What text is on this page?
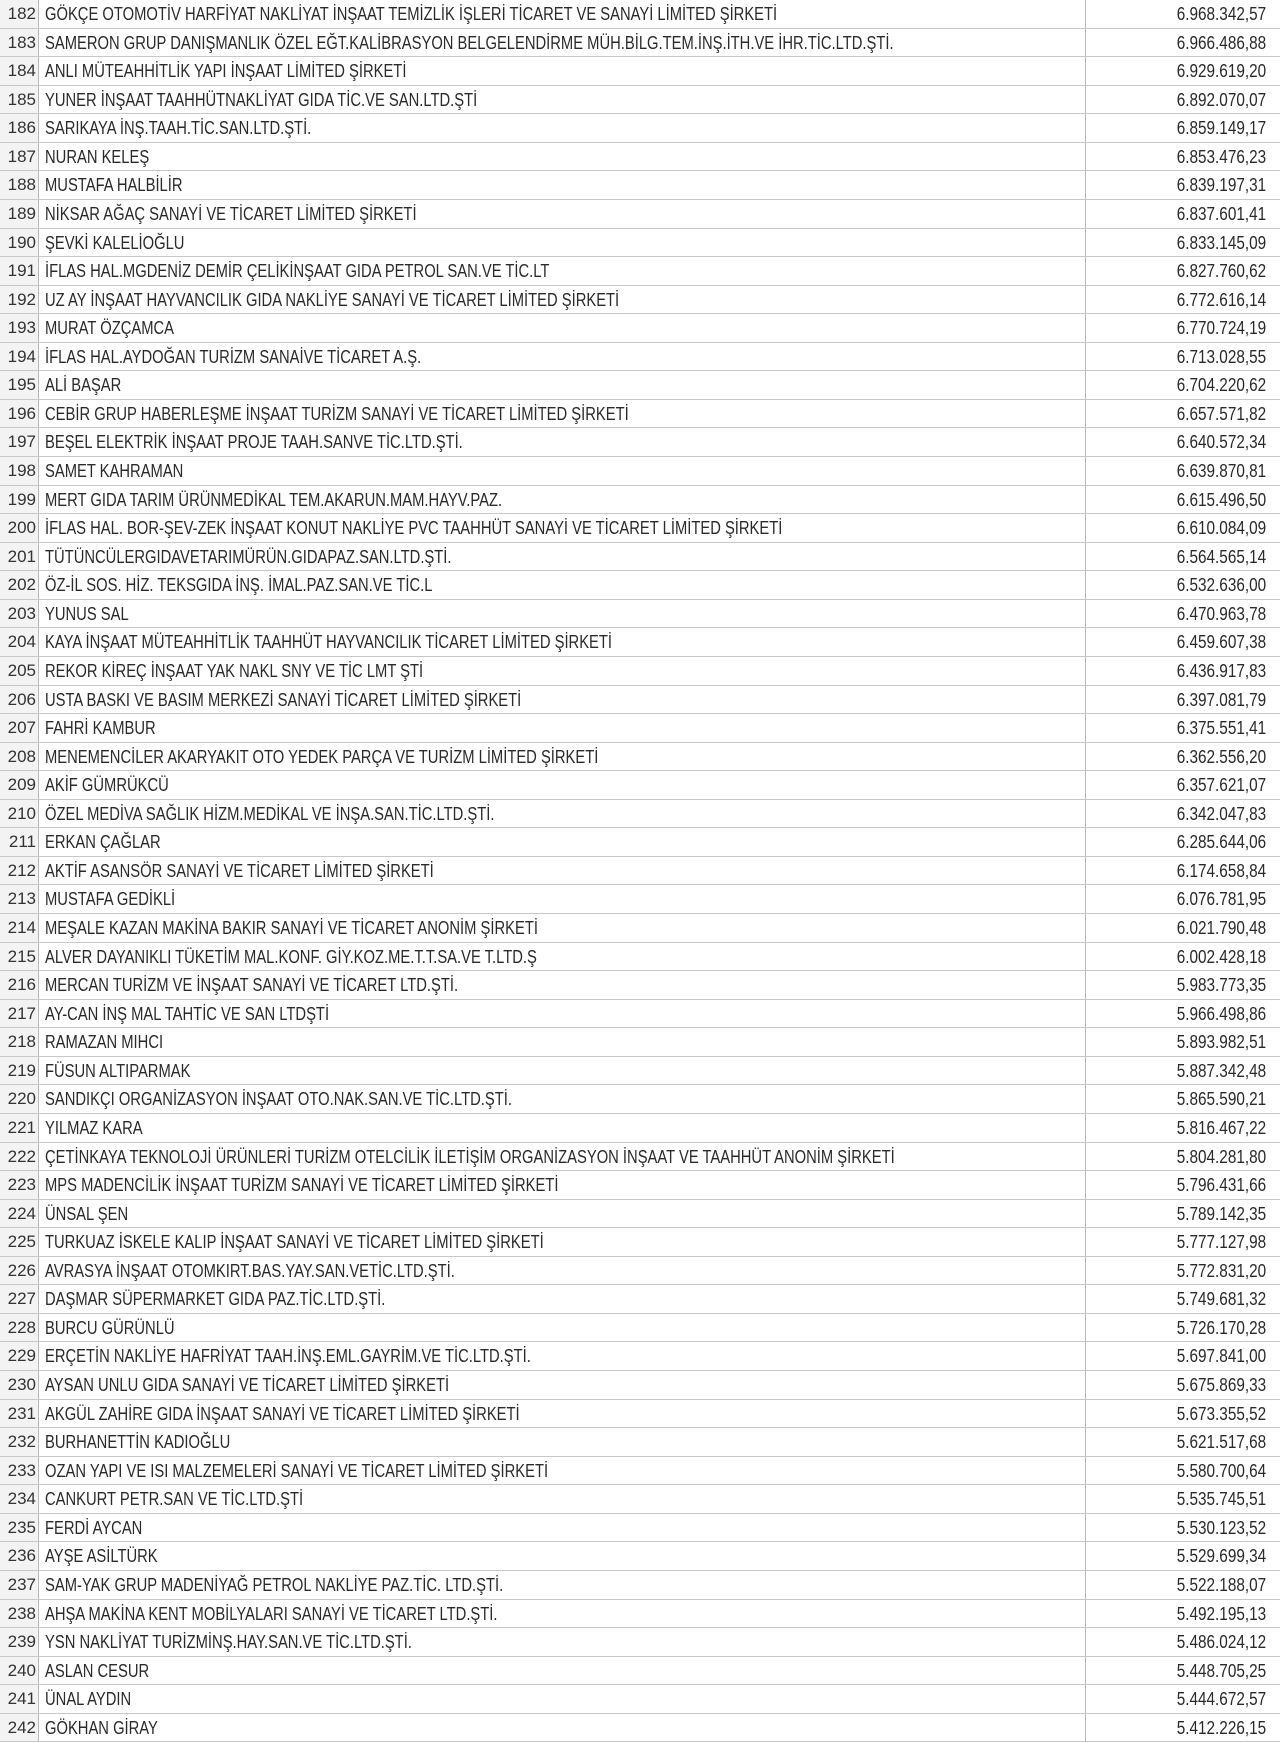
182 GÖKÇE OTOMOTİV HARFİYAT NAKLİYAT İNŞAAT TEMİZLİK İŞLERİ TİCARET VE SANAYİ LİMİTED ŞİRKETİ	6.968.342,57
183 SAMERON GRUP DANIŞMANLIK ÖZEL EĞT.KALİBRASYON BELGELENDİRME MÜH.BİLG.TEM.İNŞ.İTH.VE İHR.TİC.LTD.ŞTİ.	6.966.486,88
184 ANLI MÜTEAHHİTLİK YAPI İNŞAAT LİMİTED ŞİRKETİ	6.929.619,20
185 YUNER İNŞAAT TAAHHÜTNAKLİYAT GIDA TİC.VE SAN.LTD.ŞTİ	6.892.070,07
186 SARIKAYA İNŞ.TAAH.TİC.SAN.LTD.ŞTİ.	6.859.149,17
187 NURAN KELEŞ	6.853.476,23
188 MUSTAFA HALBİLİR	6.839.197,31
189 NİKSAR AĞAÇ SANAYİ VE TİCARET LİMİTED ŞİRKETİ	6.837.601,41
190 ŞEVKİ KALELİOĞLU	6.833.145,09
191 İFLAS HAL.MGDENİZ DEMİR ÇELİKİNŞAAT GIDA PETROL SAN.VE TİC.LT	6.827.760,62
192 UZ AY İNŞAAT HAYVANCILIK GIDA NAKLİYE SANAYİ VE TİCARET LİMİTED ŞİRKETİ	6.772.616,14
193 MURAT ÖZÇAMCA	6.770.724,19
194 İFLAS HAL.AYDOĞAN TURİZM SANAİVE TİCARET A.Ş.	6.713.028,55
195 ALİ BAŞAR	6.704.220,62
196 CEBİR GRUP HABERLEŞME İNŞAAT TURİZM SANAYİ VE TİCARET LİMİTED ŞİRKETİ	6.657.571,82
197 BEŞEL ELEKTRİK İNŞAAT PROJE TAAH.SANVE TİC.LTD.ŞTİ.	6.640.572,34
198 SAMET KAHRAMAN	6.639.870,81
199 MERT GIDA TARIM ÜRÜNMEDİKAL TEM.AKARUN.MAM.HAYV.PAZ.	6.615.496,50
200 İFLAS HAL. BOR-ŞEV-ZEK İNŞAAT KONUT NAKLİYE PVC TAAHHÜT SANAYİ VE TİCARET LİMİTED ŞİRKETİ	6.610.084,09
201 TÜTÜNCÜLERGIDAVETARIMÜRÜN.GIDAPAZ.SAN.LTD.ŞTİ.	6.564.565,14
202 ÖZ-İL SOS. HİZ. TEKSGIDA İNŞ. İMAL.PAZ.SAN.VE TİC.L	6.532.636,00
203 YUNUS SAL	6.470.963,78
204 KAYA İNŞAAT MÜTEAHHİTLİK TAAHHÜT HAYVANCILIK TİCARET LİMİTED ŞİRKETİ	6.459.607,38
205 REKOR KİREÇ İNŞAAT YAK NAKL SNY VE TİC LMT ŞTİ	6.436.917,83
206 USTA BASKI VE BASIM MERKEZİ SANAYİ TİCARET LİMİTED ŞİRKETİ	6.397.081,79
207 FAHRİ KAMBUR	6.375.551,41
208 MENEMENCİLER AKARYAKIT OTO YEDEK PARÇA VE TURİZM LİMİTED ŞİRKETİ	6.362.556,20
209 AKİF GÜMRÜKCÜ	6.357.621,07
210 ÖZEL MEDİVA SAĞLIK HİZM.MEDİKAL VE İNŞA.SAN.TİC.LTD.ŞTİ.	6.342.047,83
211 ERKAN ÇAĞLAR	6.285.644,06
212 AKTİF ASANSÖR SANAYİ VE TİCARET LİMİTED ŞİRKETİ	6.174.658,84
213 MUSTAFA GEDİKLİ	6.076.781,95
214 MEŞALE KAZAN MAKİNA BAKIR SANAYİ VE TİCARET ANONİM ŞİRKETİ	6.021.790,48
215 ALVER DAYANIKLI TÜKETİM MAL.KONF. GİY.KOZ.ME.T.T.SA.VE T.LTD.Ş	6.002.428,18
216 MERCAN TURİZM VE İNŞAAT SANAYİ VE TİCARET LTD.ŞTİ.	5.983.773,35
217 AY-CAN İNŞ MAL TAHTİC VE SAN LTDŞTİ	5.966.498,86
218 RAMAZAN MIHCI	5.893.982,51
219 FÜSUN ALTIPARMAK	5.887.342,48
220 SANDIKÇI ORGANİZASYON İNŞAAT OTO.NAK.SAN.VE TİC.LTD.ŞTİ.	5.865.590,21
221 YILMAZ KARA	5.816.467,22
222 ÇETİNKAYA TEKNOLOJİ ÜRÜNLERİ TURİZM OTELCİLİK İLETİŞİM ORGANİZASYON İNŞAAT VE TAAHHÜT ANONİM ŞİRKETİ	5.804.281,80
223 MPS MADENCİLİK İNŞAAT TURİZM SANAYİ VE TİCARET LİMİTED ŞİRKETİ	5.796.431,66
224 ÜNSAL ŞEN	5.789.142,35
225 TURKUAZ İSKELE KALIP İNŞAAT SANAYİ VE TİCARET LİMİTED ŞİRKETİ	5.777.127,98
226 AVRASYA İNŞAAT OTOMKIRT.BAS.YAY.SAN.VETİC.LTD.ŞTİ.	5.772.831,20
227 DAŞMAR SÜPERMARKET GIDA PAZ.TİC.LTD.ŞTİ.	5.749.681,32
228 BURCU GÜRÜNLÜ	5.726.170,28
229 ERÇETİN NAKLİYE HAFRİYAT TAAH.İNŞ.EML.GAYRİM.VE TİC.LTD.ŞTİ.	5.697.841,00
230 AYSAN UNLU GIDA SANAYİ VE TİCARET LİMİTED ŞİRKETİ	5.675.869,33
231 AKGÜL ZAHİRE GIDA İNŞAAT SANAYİ VE TİCARET LİMİTED ŞİRKETİ	5.673.355,52
232 BURHANETTİN KADIOĞLU	5.621.517,68
233 OZAN YAPI VE ISI MALZEMELERİ SANAYİ VE TİCARET LİMİTED ŞİRKETİ	5.580.700,64
234 CANKURT PETR.SAN VE TİC.LTD.ŞTİ	5.535.745,51
235 FERDİ AYCAN	5.530.123,52
236 AYŞE ASİLTÜRK	5.529.699,34
237 SAM-YAK GRUP MADENİYAĞ PETROL NAKLİYE PAZ.TİC. LTD.ŞTİ.	5.522.188,07
238 AHŞA MAKİNA KENT MOBİLYALARI SANAYİ VE TİCARET LTD.ŞTİ.	5.492.195,13
239 YSN NAKLİYAT TURİZMİNŞ.HAY.SAN.VE TİC.LTD.ŞTİ.	5.486.024,12
240 ASLAN CESUR	5.448.705,25
241 ÜNAL AYDIN	5.444.672,57
242 GÖKHAN GİRAY	5.412.226,15
